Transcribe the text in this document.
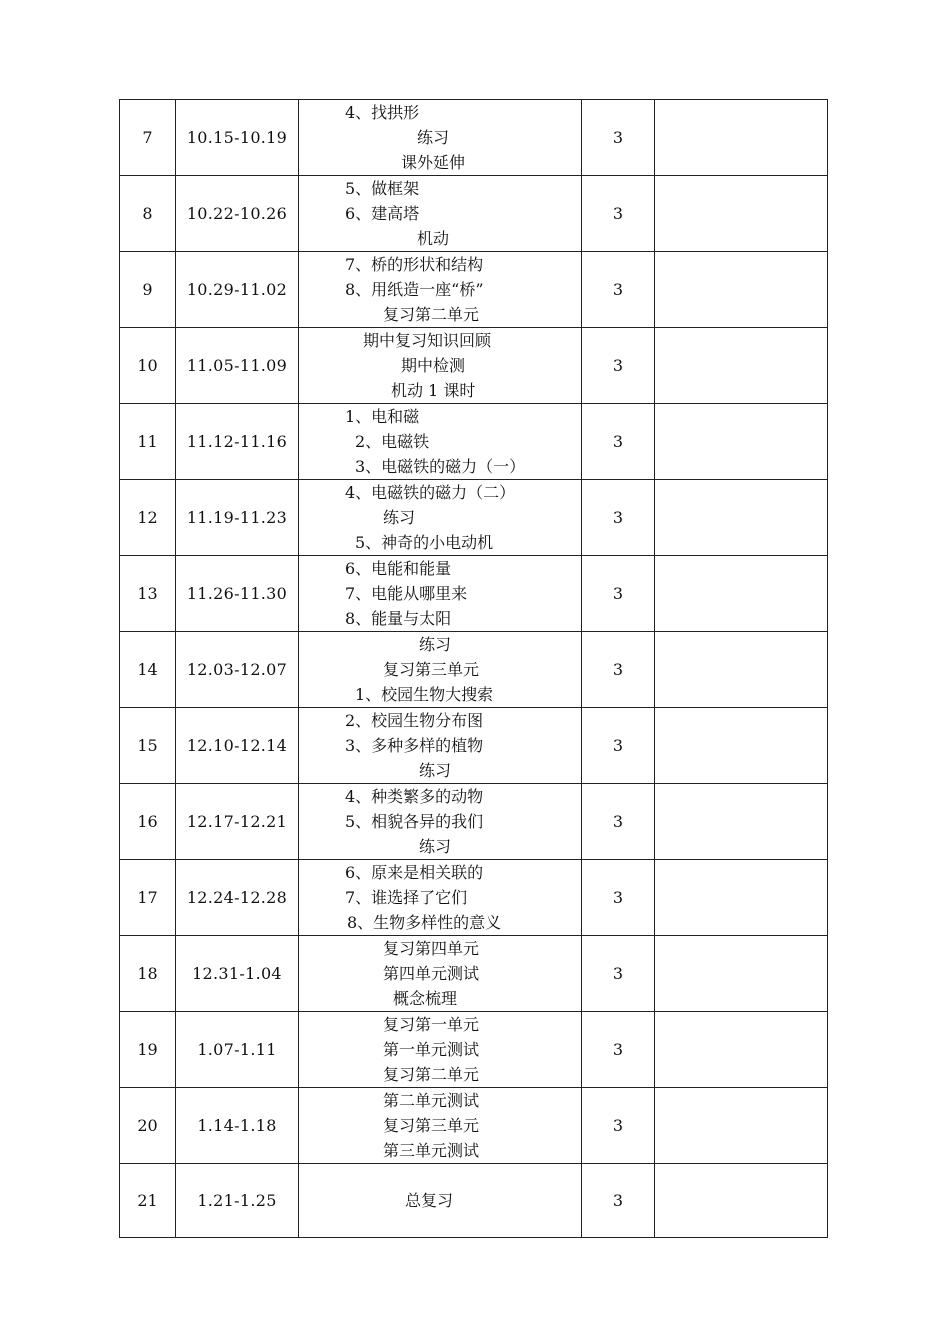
7	10.15-10.19	4、找拱形
练习
课外延伸	3	
8	10.22-10.26	5、做框架
6、建高塔
机动	3	
9	10.29-11.02	7、桥的形状和结构
8、用纸造一座“桥”
复习第二单元	3	
10	11.05-11.09	期中复习知识回顾
期中检测
机动 1 课时	3	
11	11.12-11.16	1、电和磁
2、电磁铁
3、电磁铁的磁力（一）	3	
12	11.19-11.23	4、电磁铁的磁力（二）
练习
5、神奇的小电动机	3	
13	11.26-11.30	6、电能和能量
7、电能从哪里来
8、能量与太阳	3	
14	12.03-12.07	练习
复习第三单元
1、校园生物大搜索	3	
15	12.10-12.14	2、校园生物分布图
3、多种多样的植物
练习	3	
16	12.17-12.21	4、种类繁多的动物
5、相貌各异的我们
练习	3	
17	12.24-12.28	6、原来是相关联的
7、谁选择了它们
8、生物多样性的意义	3	
18	12.31-1.04	复习第四单元
第四单元测试
概念梳理	3	
19	1.07-1.11	复习第一单元
第一单元测试
复习第二单元	3	
20	1.14-1.18	第二单元测试
复习第三单元
第三单元测试	3	
21	1.21-1.25	总复习	3	
